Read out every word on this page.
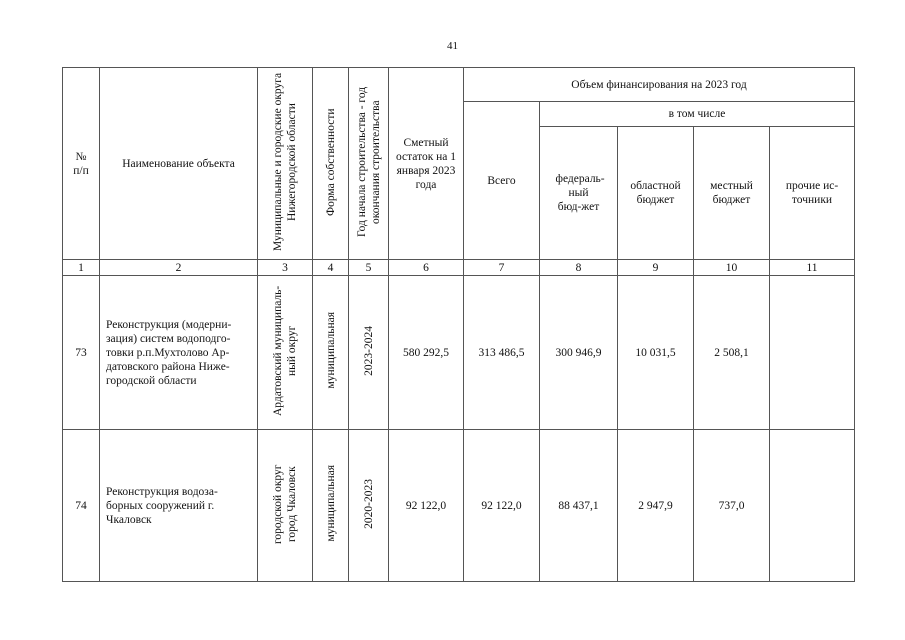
41
№ п/п	Наименование объекта	Муниципальные и городские округа Нижегородской области	Форма собственности	Год начала строительства - год окончания строительства	Сметный остаток на 1 января 2023 года	Объем финансирования на 2023 год				
						Всего	в том числе			
							федераль-ный бюд-жет	областной бюджет	местный бюджет	прочие ис-точники
1	2	3	4	5	6	7	8	9	10	11
73	Реконструкция (модерни-зация) систем водоподго-товки р.п.Мухтолово Ар-датовского района Ниже-городской области	Ардатовский муниципаль-ный округ	муниципальная	2023-2024	580 292,5	313 486,5	300 946,9	10 031,5	2 508,1	
74	Реконструкция водоза-борных сооружений г. Чкаловск	городской округ город Чкаловск	муниципальная	2020-2023	92 122,0	92 122,0	88 437,1	2 947,9	737,0	
